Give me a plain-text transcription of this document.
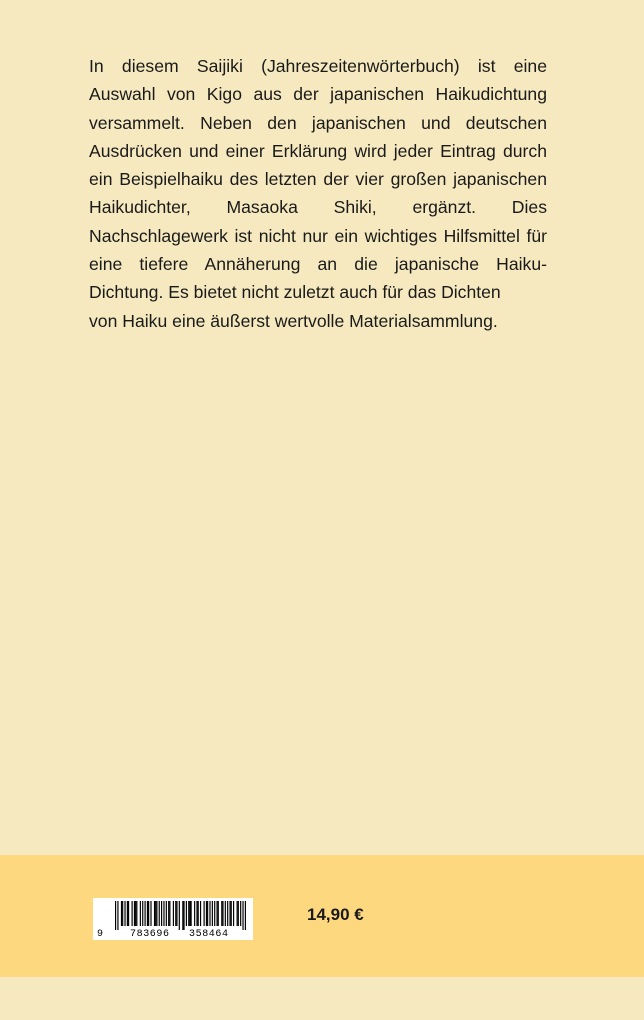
In diesem Saijiki (Jahreszeitenwörterbuch) ist eine Auswahl von Kigo aus der japanischen Haikudichtung versammelt. Neben den japanischen und deutschen Ausdrücken und einer Erklärung wird jeder Eintrag durch ein Beispielhaiku des letzten der vier großen japanischen Haikudichter, Masaoka Shiki, ergänzt. Dies Nachschlagewerk ist nicht nur ein wichtiges Hilfsmittel für eine tiefere Annäherung an die japanische Haiku-Dichtung. Es bietet nicht zuletzt auch für das Dichten
von Haiku eine äußerst wertvolle Materialsammlung.

9	783696 358464

14,90 €
